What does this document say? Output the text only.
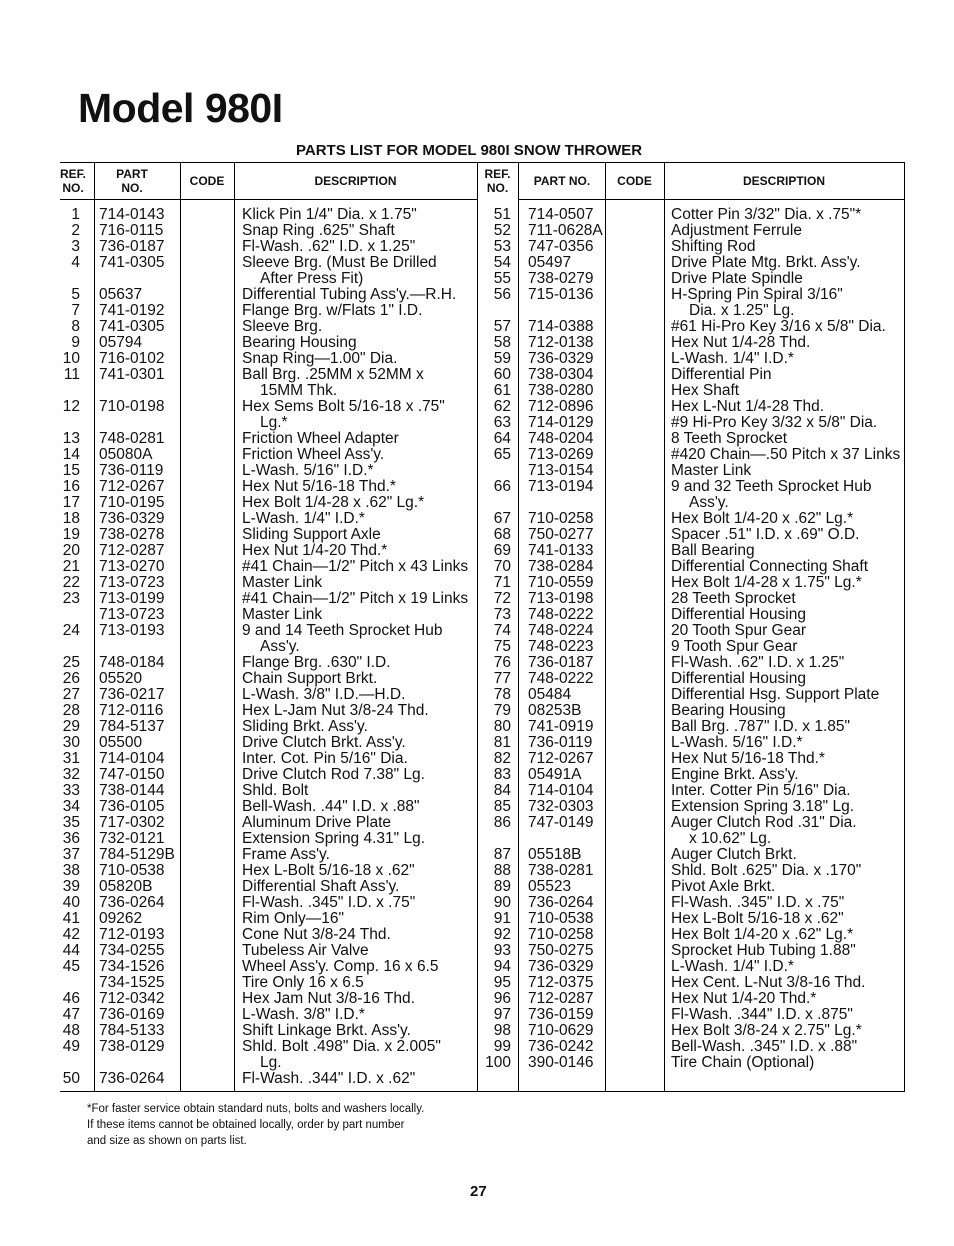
Model 980I
PARTS LIST FOR MODEL 980I SNOW THROWER
REF. NO.
PART NO.	CODE	DESCRIPTION	REF. NO.	PART NO.	CODE	DESCRIPTION
1 714-0143	Klick Pin 1/4" Dia. x 1.75"
2 716-0115	Snap Ring .625" Shaft
3 736-0187	Fl-Wash. .62" I.D. x 1.25"
4 741-0305	Sleeve Brg. (Must Be Drilled
After Press Fit)
5 05637	Differential Tubing Ass'y.—R.H.
7 741-0192	Flange Brg. w/Flats 1" I.D.
8 741-0305	Sleeve Brg.
9 05794	Bearing Housing
10 716-0102	Snap Ring—1.00" Dia.
11 741-0301	Ball Brg. .25MM x 52MM x
15MM Thk.
12 710-0198	Hex Sems Bolt 5/16-18 x .75"
Lg.*
13 748-0281	Friction Wheel Adapter
14 05080A	Friction Wheel Ass'y.
15 736-0119	L-Wash. 5/16" I.D.*
16 712-0267	Hex Nut 5/16-18 Thd.*
17 710-0195	Hex Bolt 1/4-28 x .62" Lg.*
18 736-0329	L-Wash. 1/4" I.D.*
19 738-0278	Sliding Support Axle
20 712-0287	Hex Nut 1/4-20 Thd.*
21 713-0270	#41 Chain—1/2" Pitch x 43 Links
22 713-0723	Master Link
23 713-0199	#41 Chain—1/2" Pitch x 19 Links
713-0723	Master Link
24 713-0193	9 and 14 Teeth Sprocket Hub
Ass'y.
25 748-0184	Flange Brg. .630" I.D.
26 05520	Chain Support Brkt.
27 736-0217	L-Wash. 3/8" I.D.—H.D.
28 712-0116	Hex L-Jam Nut 3/8-24 Thd.
29 784-5137	Sliding Brkt. Ass'y.
30 05500	Drive Clutch Brkt. Ass'y.
31 714-0104	Inter. Cot. Pin 5/16" Dia.
32 747-0150	Drive Clutch Rod 7.38" Lg.
33 738-0144	Shld. Bolt
34 736-0105	Bell-Wash. .44" I.D. x .88"
35 717-0302	Aluminum Drive Plate
36 732-0121	Extension Spring 4.31" Lg.
37 784-5129B	Frame Ass'y.
38 710-0538	Hex L-Bolt 5/16-18 x .62"
39 05820B	Differential Shaft Ass'y.
40 736-0264	Fl-Wash. .345" I.D. x .75"
41 09262	Rim Only—16"
42 712-0193	Cone Nut 3/8-24 Thd.
44 734-0255	Tubeless Air Valve
45 734-1526	Wheel Ass'y. Comp. 16 x 6.5
734-1525	Tire Only 16 x 6.5
46 712-0342	Hex Jam Nut 3/8-16 Thd.
47 736-0169	L-Wash. 3/8" I.D.*
48 784-5133	Shift Linkage Brkt. Ass'y.
49 738-0129	Shld. Bolt .498" Dia. x 2.005"
Lg.
50 736-0264	Fl-Wash. .344" I.D. x .62"
51 714-0507	Cotter Pin 3/32" Dia. x .75"*
52 711-0628A	Adjustment Ferrule
53 747-0356	Shifting Rod
54 05497	Drive Plate Mtg. Brkt. Ass'y.
55 738-0279	Drive Plate Spindle
56 715-0136	H-Spring Pin Spiral 3/16"
Dia. x 1.25" Lg.
57 714-0388	#61 Hi-Pro Key 3/16 x 5/8" Dia.
58 712-0138	Hex Nut 1/4-28 Thd.
59 736-0329	L-Wash. 1/4" I.D.*
60 738-0304	Differential Pin
61 738-0280	Hex Shaft
62 712-0896	Hex L-Nut 1/4-28 Thd.
63 714-0129	#9 Hi-Pro Key 3/32 x 5/8" Dia.
64 748-0204	8 Teeth Sprocket
65 713-0269	#420 Chain—.50 Pitch x 37 Links
713-0154	Master Link
66 713-0194	9 and 32 Teeth Sprocket Hub
Ass'y.
67 710-0258	Hex Bolt 1/4-20 x .62" Lg.*
68 750-0277	Spacer .51" I.D. x .69" O.D.
69 741-0133	Ball Bearing
70 738-0284	Differential Connecting Shaft
71 710-0559	Hex Bolt 1/4-28 x 1.75" Lg.*
72 713-0198	28 Teeth Sprocket
73 748-0222	Differential Housing
74 748-0224	20 Tooth Spur Gear
75 748-0223	9 Tooth Spur Gear
76 736-0187	Fl-Wash. .62" I.D. x 1.25"
77 748-0222	Differential Housing
78 05484	Differential Hsg. Support Plate
79 08253B	Bearing Housing
80 741-0919	Ball Brg. .787" I.D. x 1.85"
81 736-0119	L-Wash. 5/16" I.D.*
82 712-0267	Hex Nut 5/16-18 Thd.*
83 05491A	Engine Brkt. Ass'y.
84 714-0104	Inter. Cotter Pin 5/16" Dia.
85 732-0303	Extension Spring 3.18" Lg.
86 747-0149	Auger Clutch Rod .31" Dia.
x 10.62" Lg.
87 05518B	Auger Clutch Brkt.
88 738-0281	Shld. Bolt .625" Dia. x .170"
89 05523	Pivot Axle Brkt.
90 736-0264	Fl-Wash. .345" I.D. x .75"
91 710-0538	Hex L-Bolt 5/16-18 x .62"
92 710-0258	Hex Bolt 1/4-20 x .62" Lg.*
93 750-0275	Sprocket Hub Tubing 1.88"
94 736-0329	L-Wash. 1/4" I.D.*
95 712-0375	Hex Cent. L-Nut 3/8-16 Thd.
96 712-0287	Hex Nut 1/4-20 Thd.*
97 736-0159	Fl-Wash. .344" I.D. x .875"
98 710-0629	Hex Bolt 3/8-24 x 2.75" Lg.*
99 736-0242	Bell-Wash. .345" I.D. x .88"
100 390-0146	Tire Chain (Optional)

*For faster service obtain standard nuts, bolts and washers locally.

If these items cannot be obtained locally, order by part number

and size as shown on parts list.

27
